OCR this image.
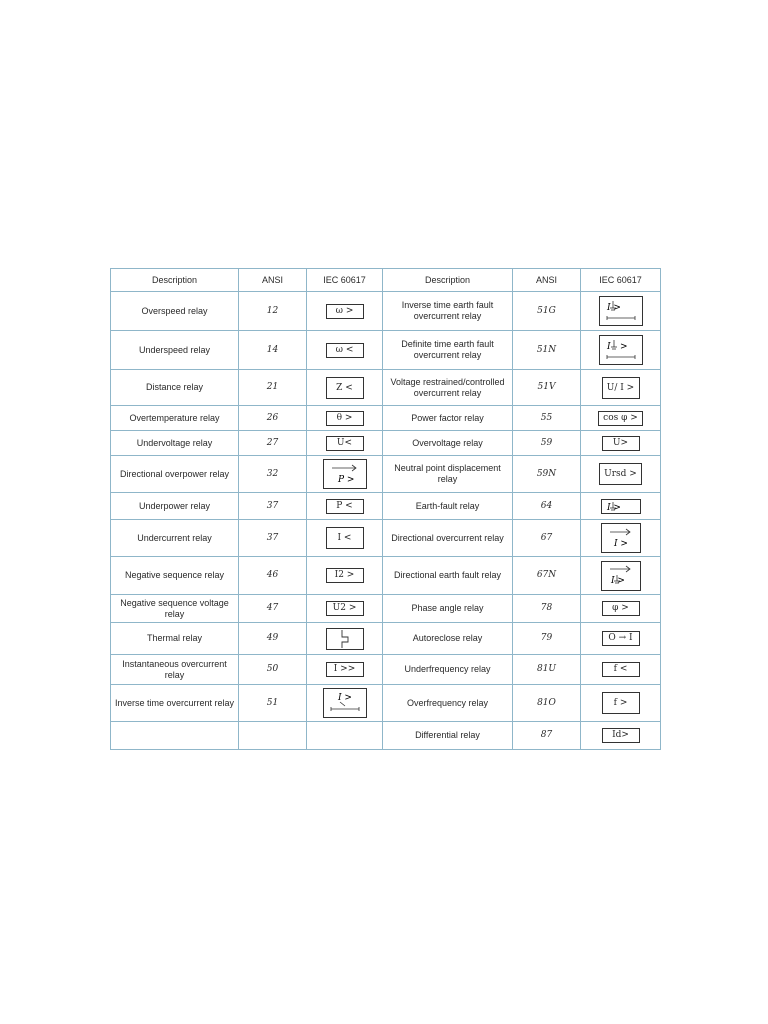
Description	ANSI	IEC 60617	Description	ANSI	IEC 60617
Overspeed relay	12	ω >	Inverse time earth fault overcurrent relay	51G	I >

Underspeed relay	14	ω <	Definite time earth fault overcurrent relay	51N	I >

Distance relay	21	Z <	Voltage restrained/controlled overcurrent relay	51V	U/ I >
Overtemperature relay	26	θ >	Power factor relay	55	cos φ >
Undervoltage relay	27	U<	Overvoltage relay	59	U>
Directional overpower relay	32	P >	Neutral point displacement relay	59N	Ursd >
Underpower relay	37	P <	Earth-fault relay	64	I >

Undercurrent relay	37	I <	Directional overcurrent relay	67	I >

Negative sequence relay	46	I2 >	Directional earth fault relay	67N	I >

Negative sequence voltage relay	47	U2 >	Phase angle relay	78	φ >
Thermal relay	49		Autoreclose relay	79	O → I
Instantaneous overcurrent relay	50	I >>	Underfrequency relay	81U	f <
Inverse time overcurrent relay	51	I >	Overfrequency relay	81O	f >
			Differential relay	87	Id>
